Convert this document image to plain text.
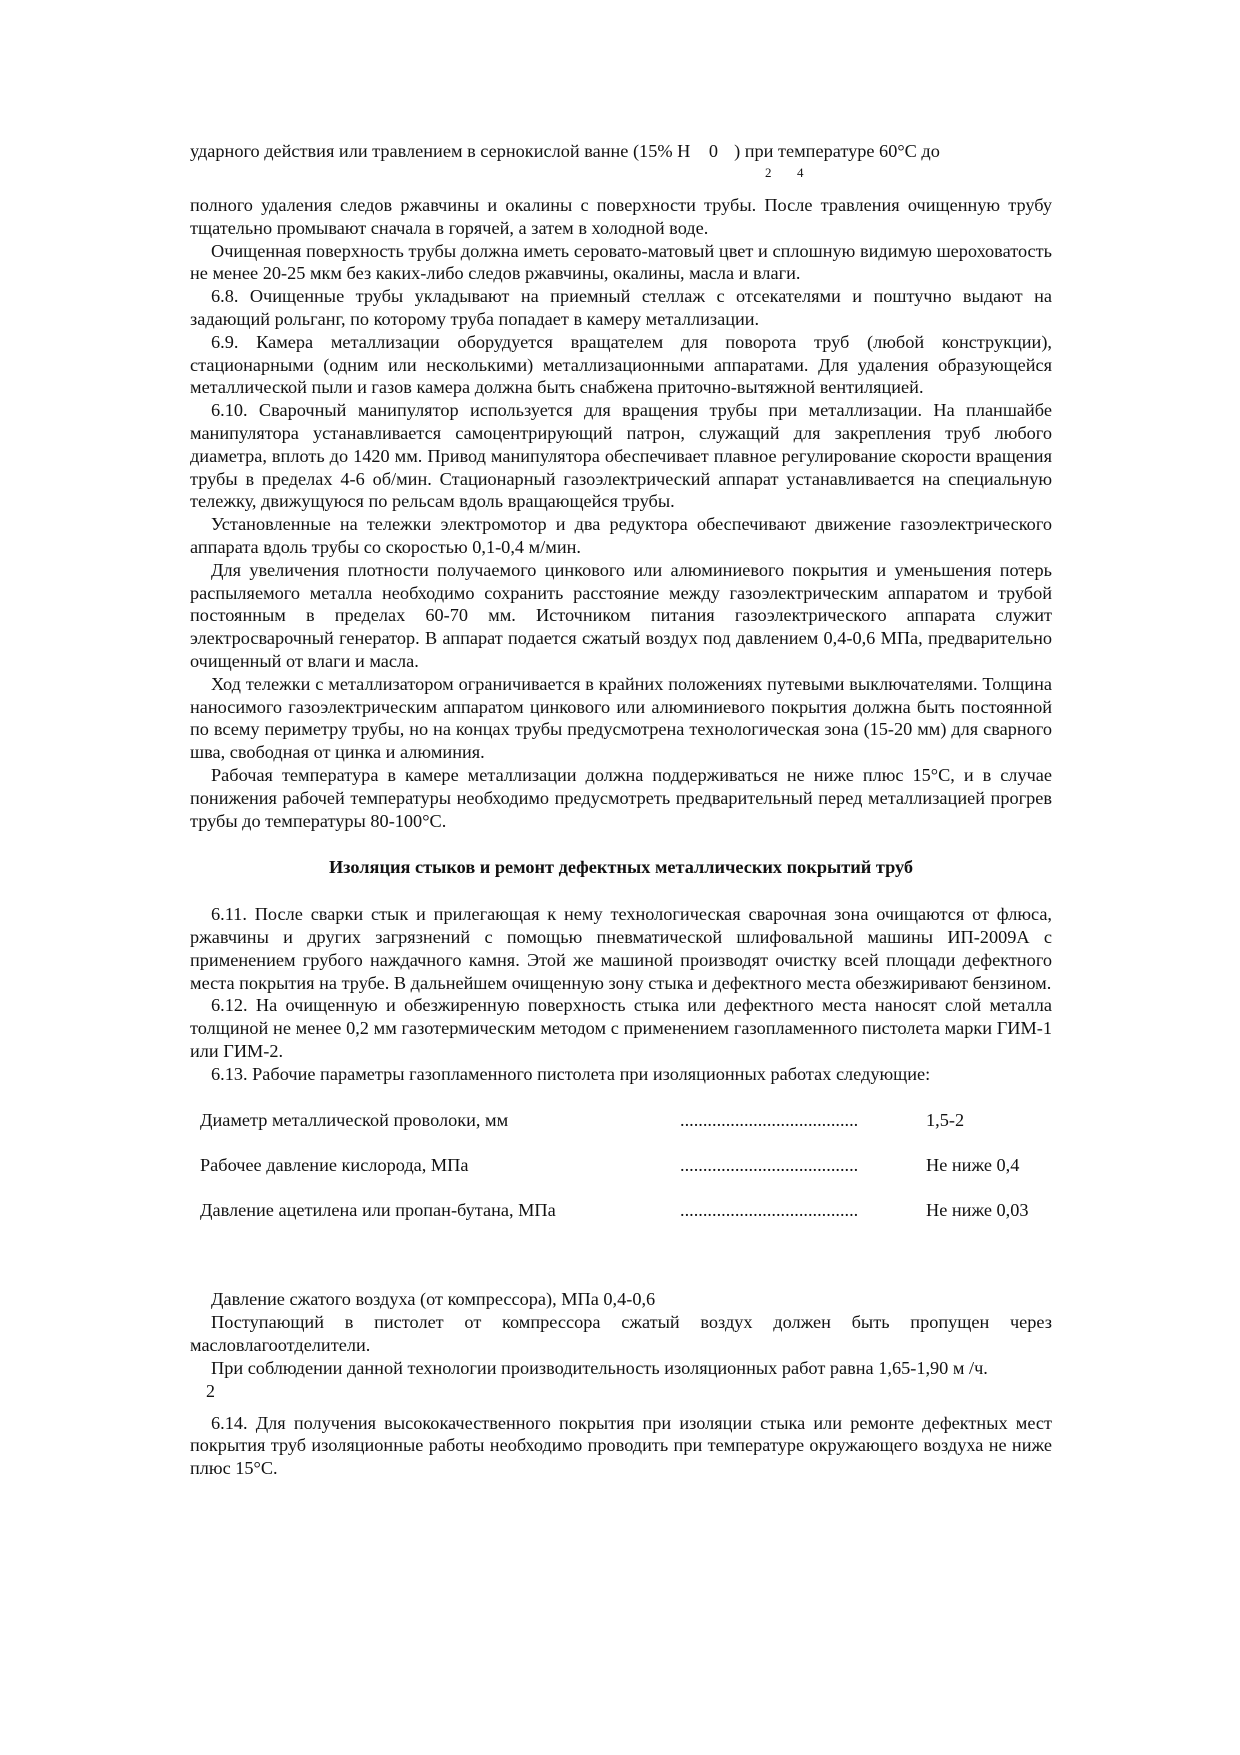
ударного действия или травлением в сернокислой ванне (15% H 0 ) при температуре 60°C до

2 4

полного удаления следов ржавчины и окалины с поверхности трубы. После травления очищенную трубу тщательно промывают сначала в горячей, а затем в холодной воде.

Очищенная поверхность трубы должна иметь серовато-матовый цвет и сплошную видимую шероховатость не менее 20-25 мкм без каких-либо следов ржавчины, окалины, масла и влаги.

6.8. Очищенные трубы укладывают на приемный стеллаж с отсекателями и поштучно выдают на задающий рольганг, по которому труба попадает в камеру металлизации.

6.9. Камера металлизации оборудуется вращателем для поворота труб (любой конструкции), стационарными (одним или несколькими) металлизационными аппаратами. Для удаления образующейся металлической пыли и газов камера должна быть снабжена приточно-вытяжной вентиляцией.

6.10. Сварочный манипулятор используется для вращения трубы при металлизации. На планшайбе манипулятора устанавливается самоцентрирующий патрон, служащий для закрепления труб любого диаметра, вплоть до 1420 мм. Привод манипулятора обеспечивает плавное регулирование скорости вращения трубы в пределах 4-6 об/мин. Стационарный газоэлектрический аппарат устанавливается на специальную тележку, движущуюся по рельсам вдоль вращающейся трубы.

Установленные на тележки электромотор и два редуктора обеспечивают движение газоэлектрического аппарата вдоль трубы со скоростью 0,1-0,4 м/мин.

Для увеличения плотности получаемого цинкового или алюминиевого покрытия и уменьшения потерь распыляемого металла необходимо сохранить расстояние между газоэлектрическим аппаратом и трубой постоянным в пределах 60-70 мм. Источником питания газоэлектрического аппарата служит электросварочный генератор. В аппарат подается сжатый воздух под давлением 0,4-0,6 МПа, предварительно очищенный от влаги и масла.

Ход тележки с металлизатором ограничивается в крайних положениях путевыми выключателями. Толщина наносимого газоэлектрическим аппаратом цинкового или алюминиевого покрытия должна быть постоянной по всему периметру трубы, но на концах трубы предусмотрена технологическая зона (15-20 мм) для сварного шва, свободная от цинка и алюминия.

Рабочая температура в камере металлизации должна поддерживаться не ниже плюс 15°C, и в случае понижения рабочей температуры необходимо предусмотреть предварительный перед металлизацией прогрев трубы до температуры 80-100°C.

Изоляция стыков и ремонт дефектных металлических покрытий труб

6.11. После сварки стык и прилегающая к нему технологическая сварочная зона очищаются от флюса, ржавчины и других загрязнений с помощью пневматической шлифовальной машины ИП-2009А с применением грубого наждачного камня. Этой же машиной производят очистку всей площади дефектного места покрытия на трубе. В дальнейшем очищенную зону стыка и дефектного места обезжиривают бензином.

6.12. На очищенную и обезжиренную поверхность стыка или дефектного места наносят слой металла толщиной не менее 0,2 мм газотермическим методом с применением газопламенного пистолета марки ГИМ-1 или ГИМ-2.

6.13. Рабочие параметры газопламенного пистолета при изоляционных работах следующие:

Диаметр металлической проволоки, мм	.......................................	1,5-2
Рабочее давление кислорода, МПа	.......................................	Не ниже 0,4
Давление ацетилена или пропан-бутана, МПа	.......................................	Не ниже 0,03

Давление сжатого воздуха (от компрессора), МПа 0,4-0,6

Поступающий в пистолет от компрессора сжатый воздух должен быть пропущен через масловлагоотделители.

При соблюдении данной технологии производительность изоляционных работ равна 1,65-1,90 м /ч.

2

6.14. Для получения высококачественного покрытия при изоляции стыка или ремонте дефектных мест покрытия труб изоляционные работы необходимо проводить при температуре окружающего воздуха не ниже плюс 15°C.
